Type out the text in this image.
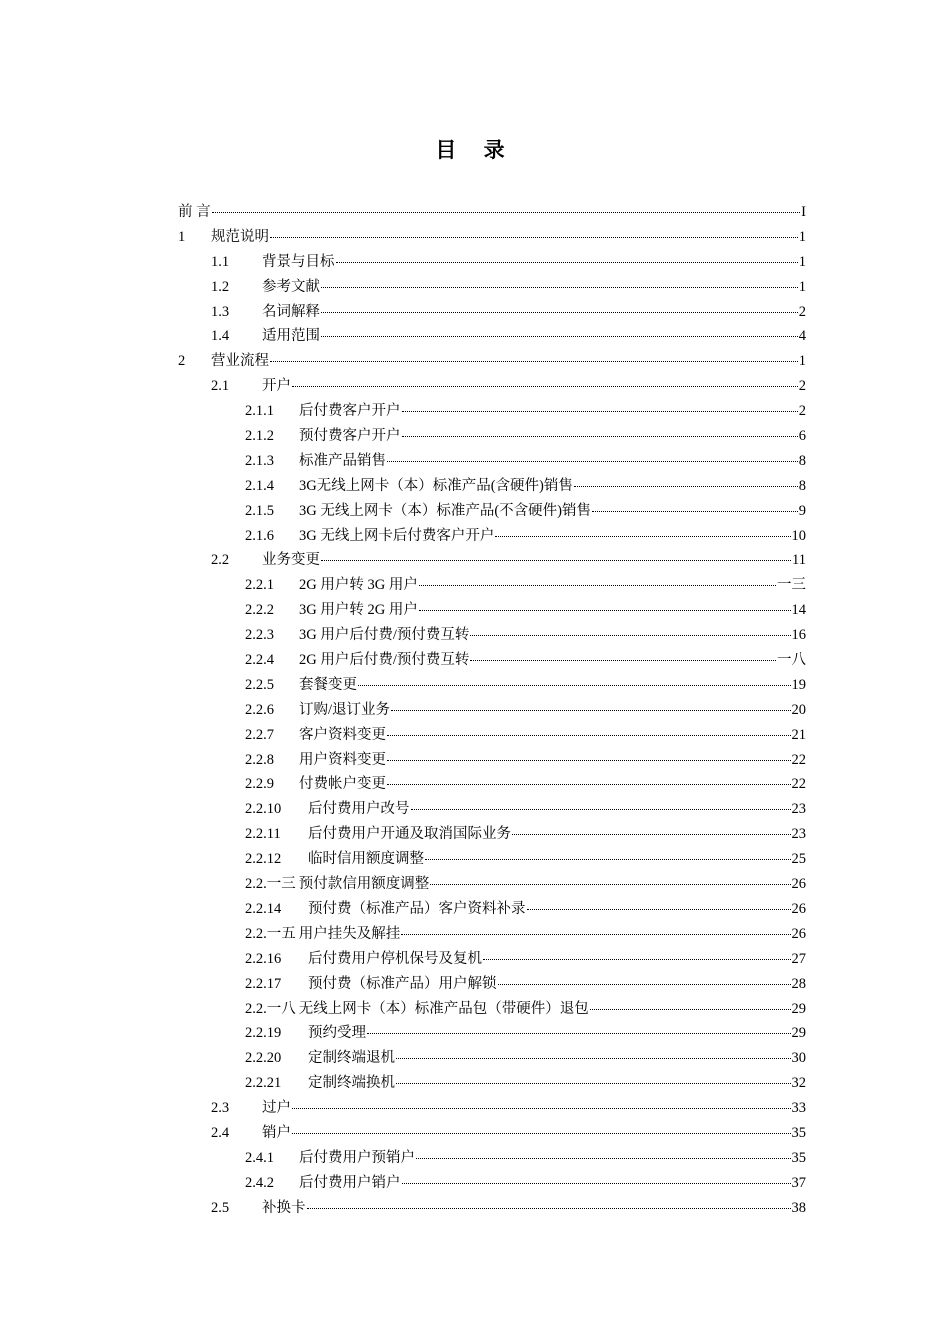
目 录
前 言	I
1	规范说明	1
1.1	背景与目标	1
1.2	参考文献	1
1.3	名词解释	2
1.4	适用范围	4
2	营业流程	1
2.1	开户	2
2.1.1	后付费客户开户	2
2.1.2	预付费客户开户	6
2.1.3	标准产品销售	8
2.1.4	3G无线上网卡（本）标准产品(含硬件)销售	8
2.1.5	3G 无线上网卡（本）标准产品(不含硬件)销售	9
2.1.6	3G 无线上网卡后付费客户开户	10
2.2	业务变更	11
2.2.1	2G 用户转 3G 用户	一三
2.2.2	3G 用户转 2G 用户	14
2.2.3	3G 用户后付费/预付费互转	16
2.2.4	2G 用户后付费/预付费互转	一八
2.2.5	套餐变更	19
2.2.6	订购/退订业务	20
2.2.7	客户资料变更	21
2.2.8	用户资料变更	22
2.2.9	付费帐户变更	22
2.2.10	后付费用户改号	23
2.2.11	后付费用户开通及取消国际业务	23
2.2.12	临时信用额度调整	25
2.2.一三 预付款信用额度调整	26
2.2.14	预付费（标准产品）客户资料补录	26
2.2.一五 用户挂失及解挂	26
2.2.16	后付费用户停机保号及复机	27
2.2.17	预付费（标准产品）用户解锁	28
2.2.一八 无线上网卡（本）标准产品包（带硬件）退包	29
2.2.19	预约受理	29
2.2.20	定制终端退机	30
2.2.21	定制终端换机	32
2.3	过户	33
2.4	销户	35
2.4.1	后付费用户预销户	35
2.4.2	后付费用户销户	37
2.5	补换卡	38
